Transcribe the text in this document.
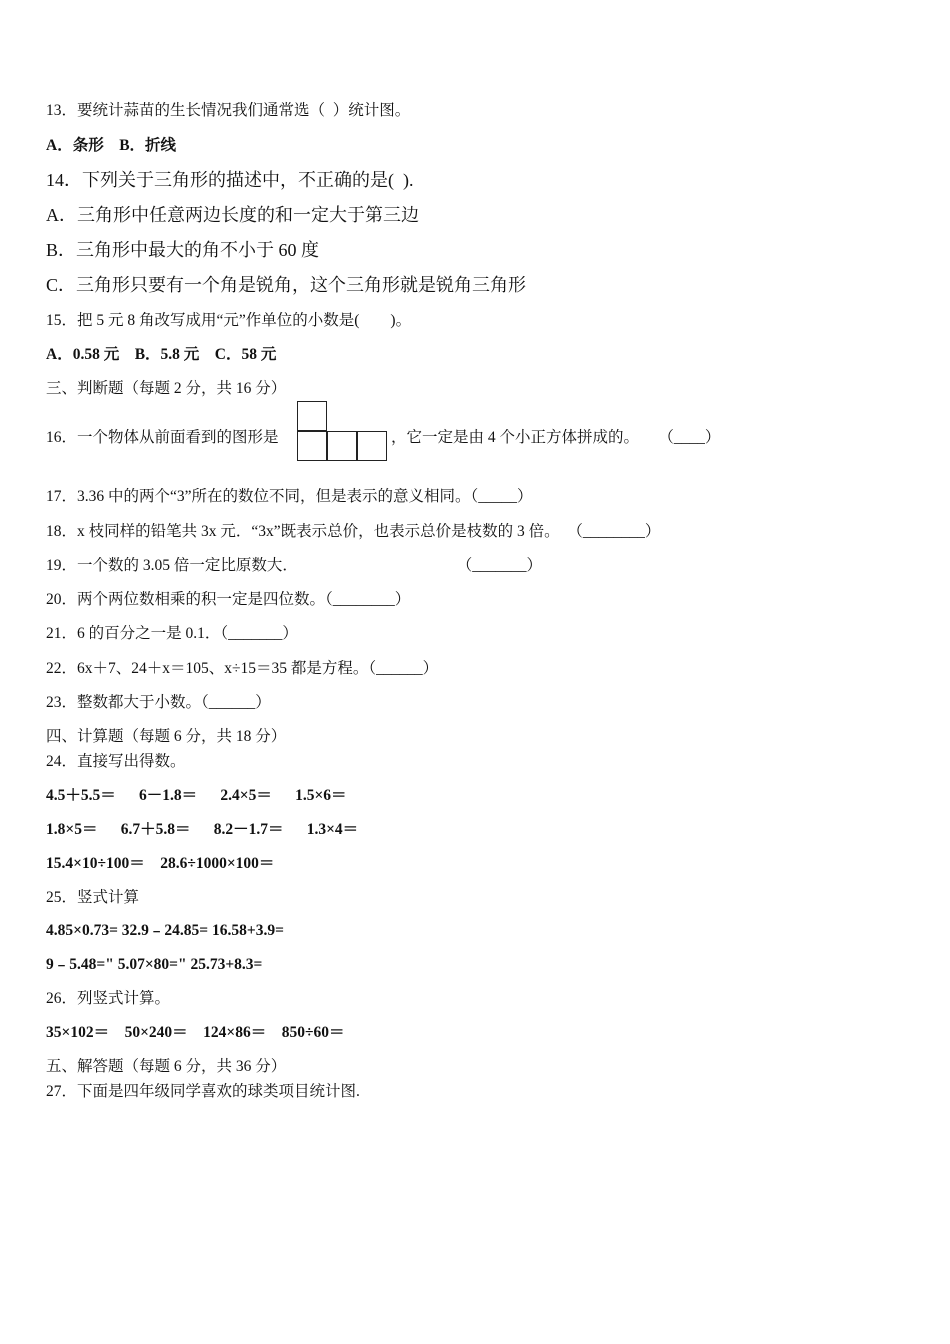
13．要统计蒜苗的生长情况我们通常选（  ）统计图。
A．条形    B．折线
14．下列关于三角形的描述中，不正确的是(  ).
A．三角形中任意两边长度的和一定大于第三边
B．三角形中最大的角不小于 60 度
C．三角形只要有一个角是锐角，这个三角形就是锐角三角形
15．把 5 元 8 角改写成用“元”作单位的小数是(        )。
A．0.58 元    B．5.8 元    C．58 元
三、判断题（每题 2 分，共 16 分）
16．一个物体从前面看到的图形是	，它一定是由 4 个小正方体拼成的。     （____）
17．3.36 中的两个“3”所在的数位不同，但是表示的意义相同。（_____）
18．x 枝同样的铅笔共 3x 元．“3x”既表示总价，也表示总价是枝数的 3 倍。  （________）
19．一个数的 3.05 倍一定比原数大．                                         （_______）
20．两个两位数相乘的积一定是四位数。（________）
21．6 的百分之一是 0.1．（_______）
22．6x＋7、24＋x＝105、x÷15＝35 都是方程。（______）
23．整数都大于小数。（______）
四、计算题（每题 6 分，共 18 分）
24．直接写出得数。
4.5＋5.5＝      6－1.8＝      2.4×5＝      1.5×6＝
1.8×5＝      6.7＋5.8＝      8.2－1.7＝      1.3×4＝
15.4×10÷100＝    28.6÷1000×100＝
25．竖式计算
4.85×0.73= 32.9﹣24.85= 16.58+3.9=
9﹣5.48=" 5.07×80=" 25.73+8.3=
26．列竖式计算。
35×102＝    50×240＝    124×86＝    850÷60＝
五、解答题（每题 6 分，共 36 分）
27．下面是四年级同学喜欢的球类项目统计图.
